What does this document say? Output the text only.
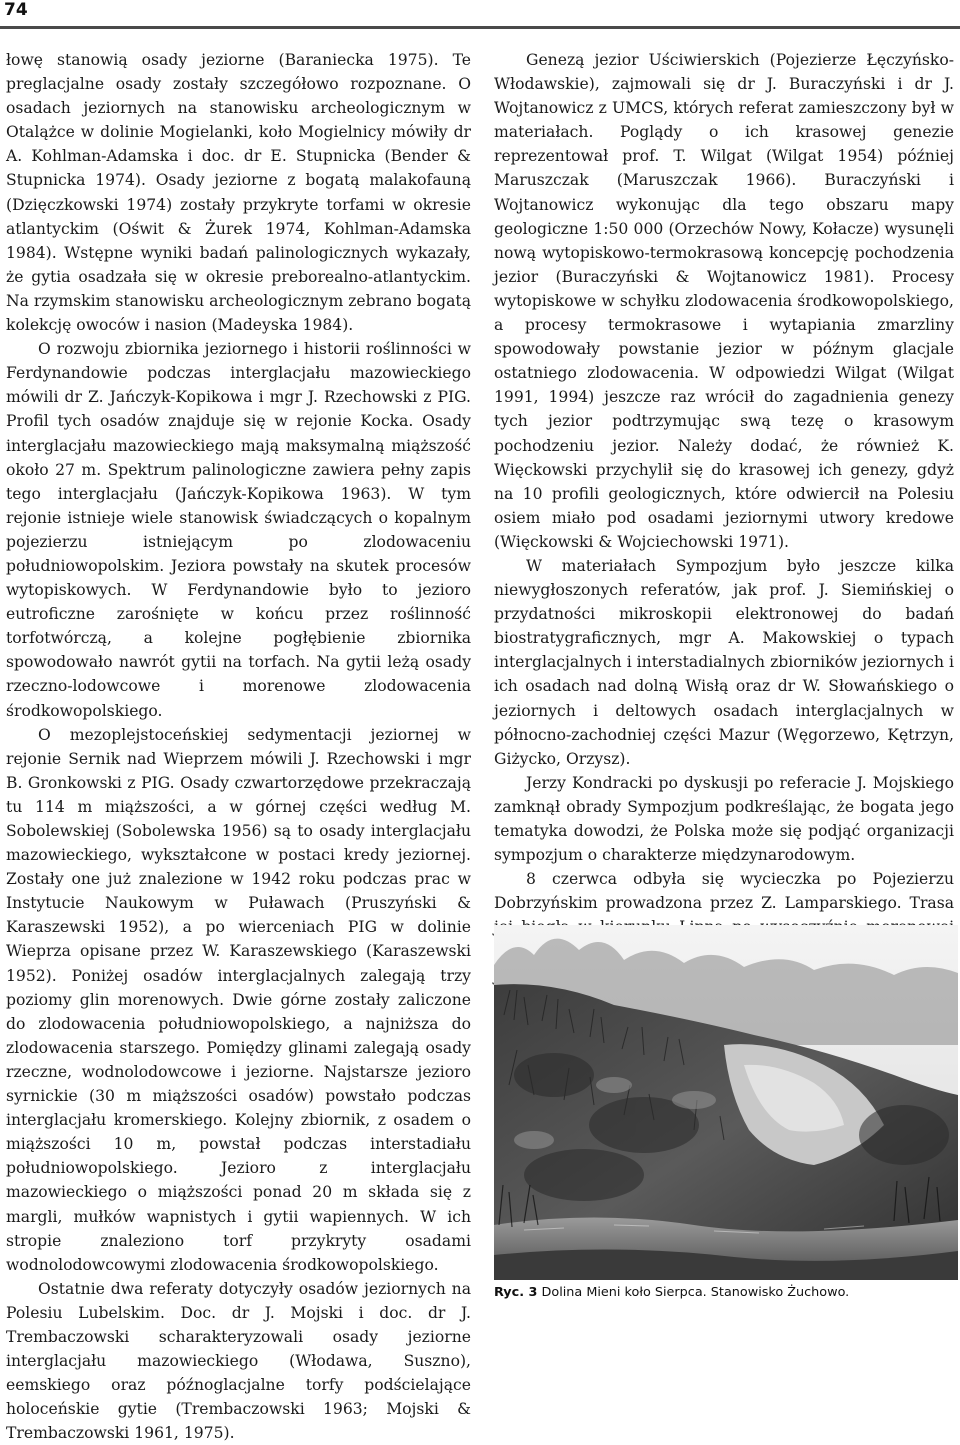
74

łowę stanowią osady jeziorne (Baraniecka 1975). Te preglacjalne osady zostały szczegółowo rozpoznane. O osadach jeziornych na stanowisku archeologicznym w Otalążce w dolinie Mogielanki, koło Mogielnicy mówiły dr A. Kohlman-Adamska i doc. dr E. Stupnicka (Bender & Stupnicka 1974). Osady jeziorne z bogatą malakofauną (Dzięczkowski 1974) zostały przykryte torfami w okresie atlantyckim (Oświt & Żurek 1974, Kohlman-Adamska 1984). Wstępne wyniki badań palinologicznych wykazały, że gytia osadzała się w okresie preborealno-atlantyckim. Na rzymskim stanowisku archeologicznym zebrano bogatą kolekcję owoców i nasion (Madeyska 1984).

O rozwoju zbiornika jeziornego i historii roślinności w Ferdynandowie podczas interglacjału mazowieckiego mówili dr Z. Jańczyk-Kopikowa i mgr J. Rzechowski z PIG. Profil tych osadów znajduje się w rejonie Kocka. Osady interglacjału mazowieckiego mają maksymalną miąższość około 27 m. Spektrum palinologiczne zawiera pełny zapis tego interglacjału (Jańczyk-Kopikowa 1963). W tym rejonie istnieje wiele stanowisk świadczących o kopalnym pojezierzu istniejącym po zlodowaceniu południowopolskim. Jeziora powstały na skutek procesów wytopiskowych. W Ferdynandowie było to jezioro eutroficzne zarośnięte w końcu przez roślinność torfotwórczą, a kolejne pogłębienie zbiornika spowodowało nawrót gytii na torfach. Na gytii leżą osady rzeczno-lodowcowe i morenowe zlodowacenia środkowopolskiego.

O mezoplejstoceńskiej sedymentacji jeziornej w rejonie Sernik nad Wieprzem mówili J. Rzechowski i mgr B. Gronkowski z PIG. Osady czwartorzędowe przekraczają tu 114 m miąższości, a w górnej części według M. Sobolewskiej (Sobolewska 1956) są to osady interglacjału mazowieckiego, wykształcone w postaci kredy jeziornej. Zostały one już znalezione w 1942 roku podczas prac w Instytucie Naukowym w Puławach (Pruszyński & Karaszewski 1952), a po wierceniach PIG w dolinie Wieprza opisane przez W. Karaszewskiego (Karaszewski 1952). Poniżej osadów interglacjalnych zalegają trzy poziomy glin morenowych. Dwie górne zostały zaliczone do zlodowacenia południowopolskiego, a najniższa do zlodowacenia starszego. Pomiędzy glinami zalegają osady rzeczne, wodnolodowcowe i jeziorne. Najstarsze jezioro syrnickie (30 m miąższości osadów) powstało podczas interglacjału kromerskiego. Kolejny zbiornik, z osadem o miąższości 10 m, powstał podczas interstadiału południowopolskiego. Jezioro z interglacjału mazowieckiego o miąższości ponad 20 m składa się z margli, mułków wapnistych i gytii wapiennych. W ich stropie znaleziono torf przykryty osadami wodnolodowcowymi zlodowacenia środkowopolskiego.

Ostatnie dwa referaty dotyczyły osadów jeziornych na Polesiu Lubelskim. Doc. dr J. Mojski i doc. dr J. Trembaczowski scharakteryzowali osady jeziorne interglacjału mazowieckiego (Włodawa, Suszno), eemskiego oraz późnoglacjalne torfy podścielające holoceńskie gytie (Trembaczowski 1963; Mojski & Trembaczowski 1961, 1975).

Genezą jezior Uściwierskich (Pojezierze Łęczyńsko-Włodawskie), zajmowali się dr J. Buraczyński i dr J. Wojtanowicz z UMCS, których referat zamieszczony był w materiałach. Poglądy o ich krasowej genezie reprezentował prof. T. Wilgat (Wilgat 1954) później Maruszczak (Maruszczak 1966). Buraczyński i Wojtanowicz wykonując dla tego obszaru mapy geologiczne 1:50 000 (Orzechów Nowy, Kołacze) wysunęli nową wytopiskowo-termokrasową koncepcję pochodzenia jezior (Buraczyński & Wojtanowicz 1981). Procesy wytopiskowe w schyłku zlodowacenia środkowopolskiego, a procesy termokrasowe i wytapiania zmarzliny spowodowały powstanie jezior w późnym glacjale ostatniego zlodowacenia. W odpowiedzi Wilgat (Wilgat 1991, 1994) jeszcze raz wrócił do zagadnienia genezy tych jezior podtrzymując swą tezę o krasowym pochodzeniu jezior. Należy dodać, że również K. Więckowski przychylił się do krasowej ich genezy, gdyż na 10 profili geologicznych, które odwiercił na Polesiu osiem miało pod osadami jeziornymi utwory kredowe (Więckowski & Wojciechowski 1971).

W materiałach Sympozjum było jeszcze kilka niewygłoszonych referatów, jak prof. J. Siemińskiej o przydatności mikroskopii elektronowej do badań biostratygraficznych, mgr A. Makowskiej o typach interglacjalnych i interstadialnych zbiorników jeziornych i ich osadach nad dolną Wisłą oraz dr W. Słowańskiego o jeziornych i deltowych osadach interglacjalnych w północno-zachodniej części Mazur (Węgorzewo, Kętrzyn, Giżycko, Orzysz).

Jerzy Kondracki po dyskusji po referacie J. Mojskiego zamknął obrady Sympozjum podkreślając, że bogata jego tematyka dowodzi, że Polska może się podjąć organizacji sympozjum o charakterze międzynarodowym.

8 czerwca odbyła się wycieczka po Pojezierzu Dobrzyńskim prowadzona przez Z. Lamparskiego. Trasa

Ryc. 3 Dolina Mieni koło Sierpca. Stanowisko Żuchowo.
